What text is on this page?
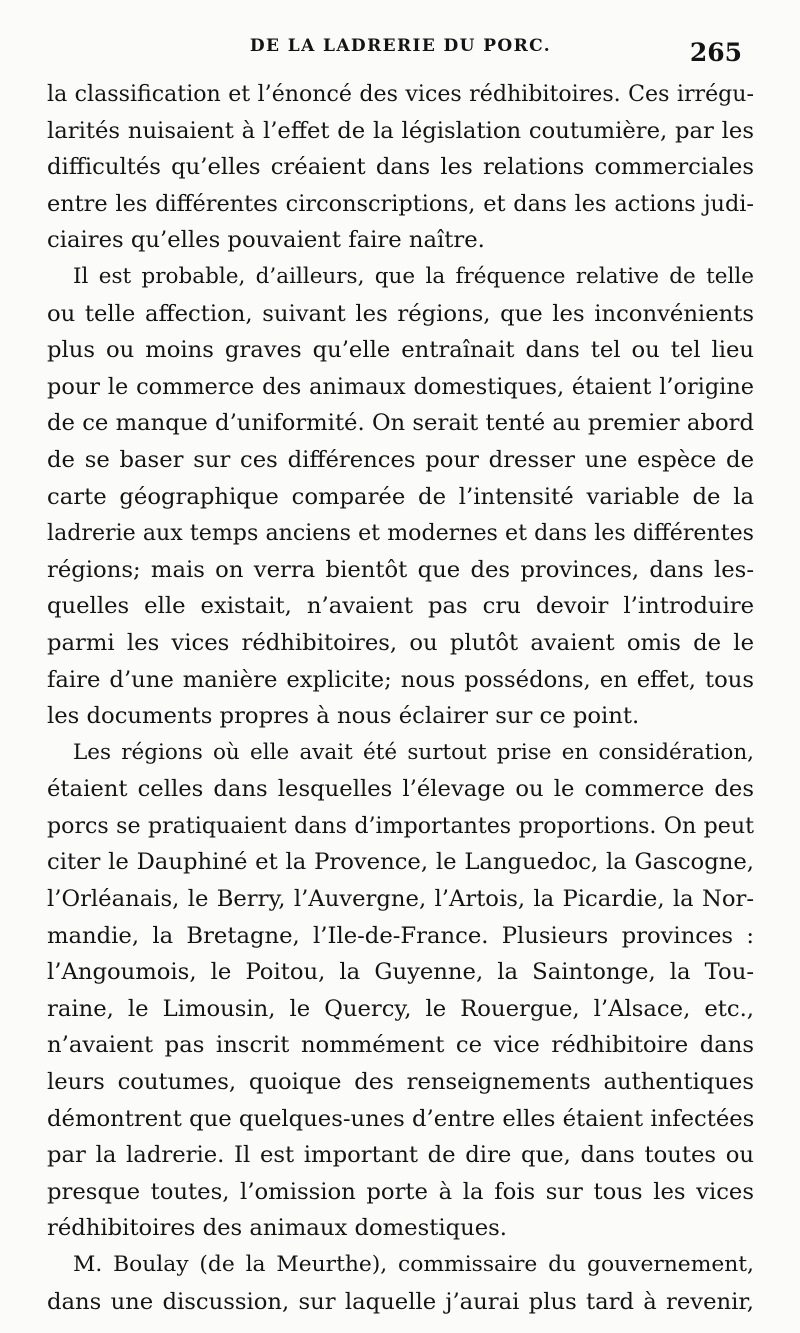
DE LA LADRERIE DU PORC.	265

la classification et l’énoncé des vices rédhibitoires. Ces irrégu-
larités nuisaient à l’effet de la législation coutumière, par les
difficultés qu’elles créaient dans les relations commerciales
entre les différentes circonscriptions, et dans les actions judi-
ciaires qu’elles pouvaient faire naître.

Il est probable, d’ailleurs, que la fréquence relative de telle
ou telle affection, suivant les régions, que les inconvénients
plus ou moins graves qu’elle entraînait dans tel ou tel lieu
pour le commerce des animaux domestiques, étaient l’origine
de ce manque d’uniformité. On serait tenté au premier abord
de se baser sur ces différences pour dresser une espèce de
carte géographique comparée de l’intensité variable de la
ladrerie aux temps anciens et modernes et dans les différentes
régions; mais on verra bientôt que des provinces, dans les-
quelles elle existait, n’avaient pas cru devoir l’introduire
parmi les vices rédhibitoires, ou plutôt avaient omis de le
faire d’une manière explicite; nous possédons, en effet, tous
les documents propres à nous éclairer sur ce point.

Les régions où elle avait été surtout prise en considération,
étaient celles dans lesquelles l’élevage ou le commerce des
porcs se pratiquaient dans d’importantes proportions. On peut
citer le Dauphiné et la Provence, le Languedoc, la Gascogne,
l’Orléanais, le Berry, l’Auvergne, l’Artois, la Picardie, la Nor-
mandie, la Bretagne, l’Ile-de-France. Plusieurs provinces :
l’Angoumois, le Poitou, la Guyenne, la Saintonge, la Tou-
raine, le Limousin, le Quercy, le Rouergue, l’Alsace, etc.,
n’avaient pas inscrit nommément ce vice rédhibitoire dans
leurs coutumes, quoique des renseignements authentiques
démontrent que quelques-unes d’entre elles étaient infectées
par la ladrerie. Il est important de dire que, dans toutes ou
presque toutes, l’omission porte à la fois sur tous les vices
rédhibitoires des animaux domestiques.

M. Boulay (de la Meurthe), commissaire du gouvernement,
dans une discussion, sur laquelle j’aurai plus tard à revenir,
